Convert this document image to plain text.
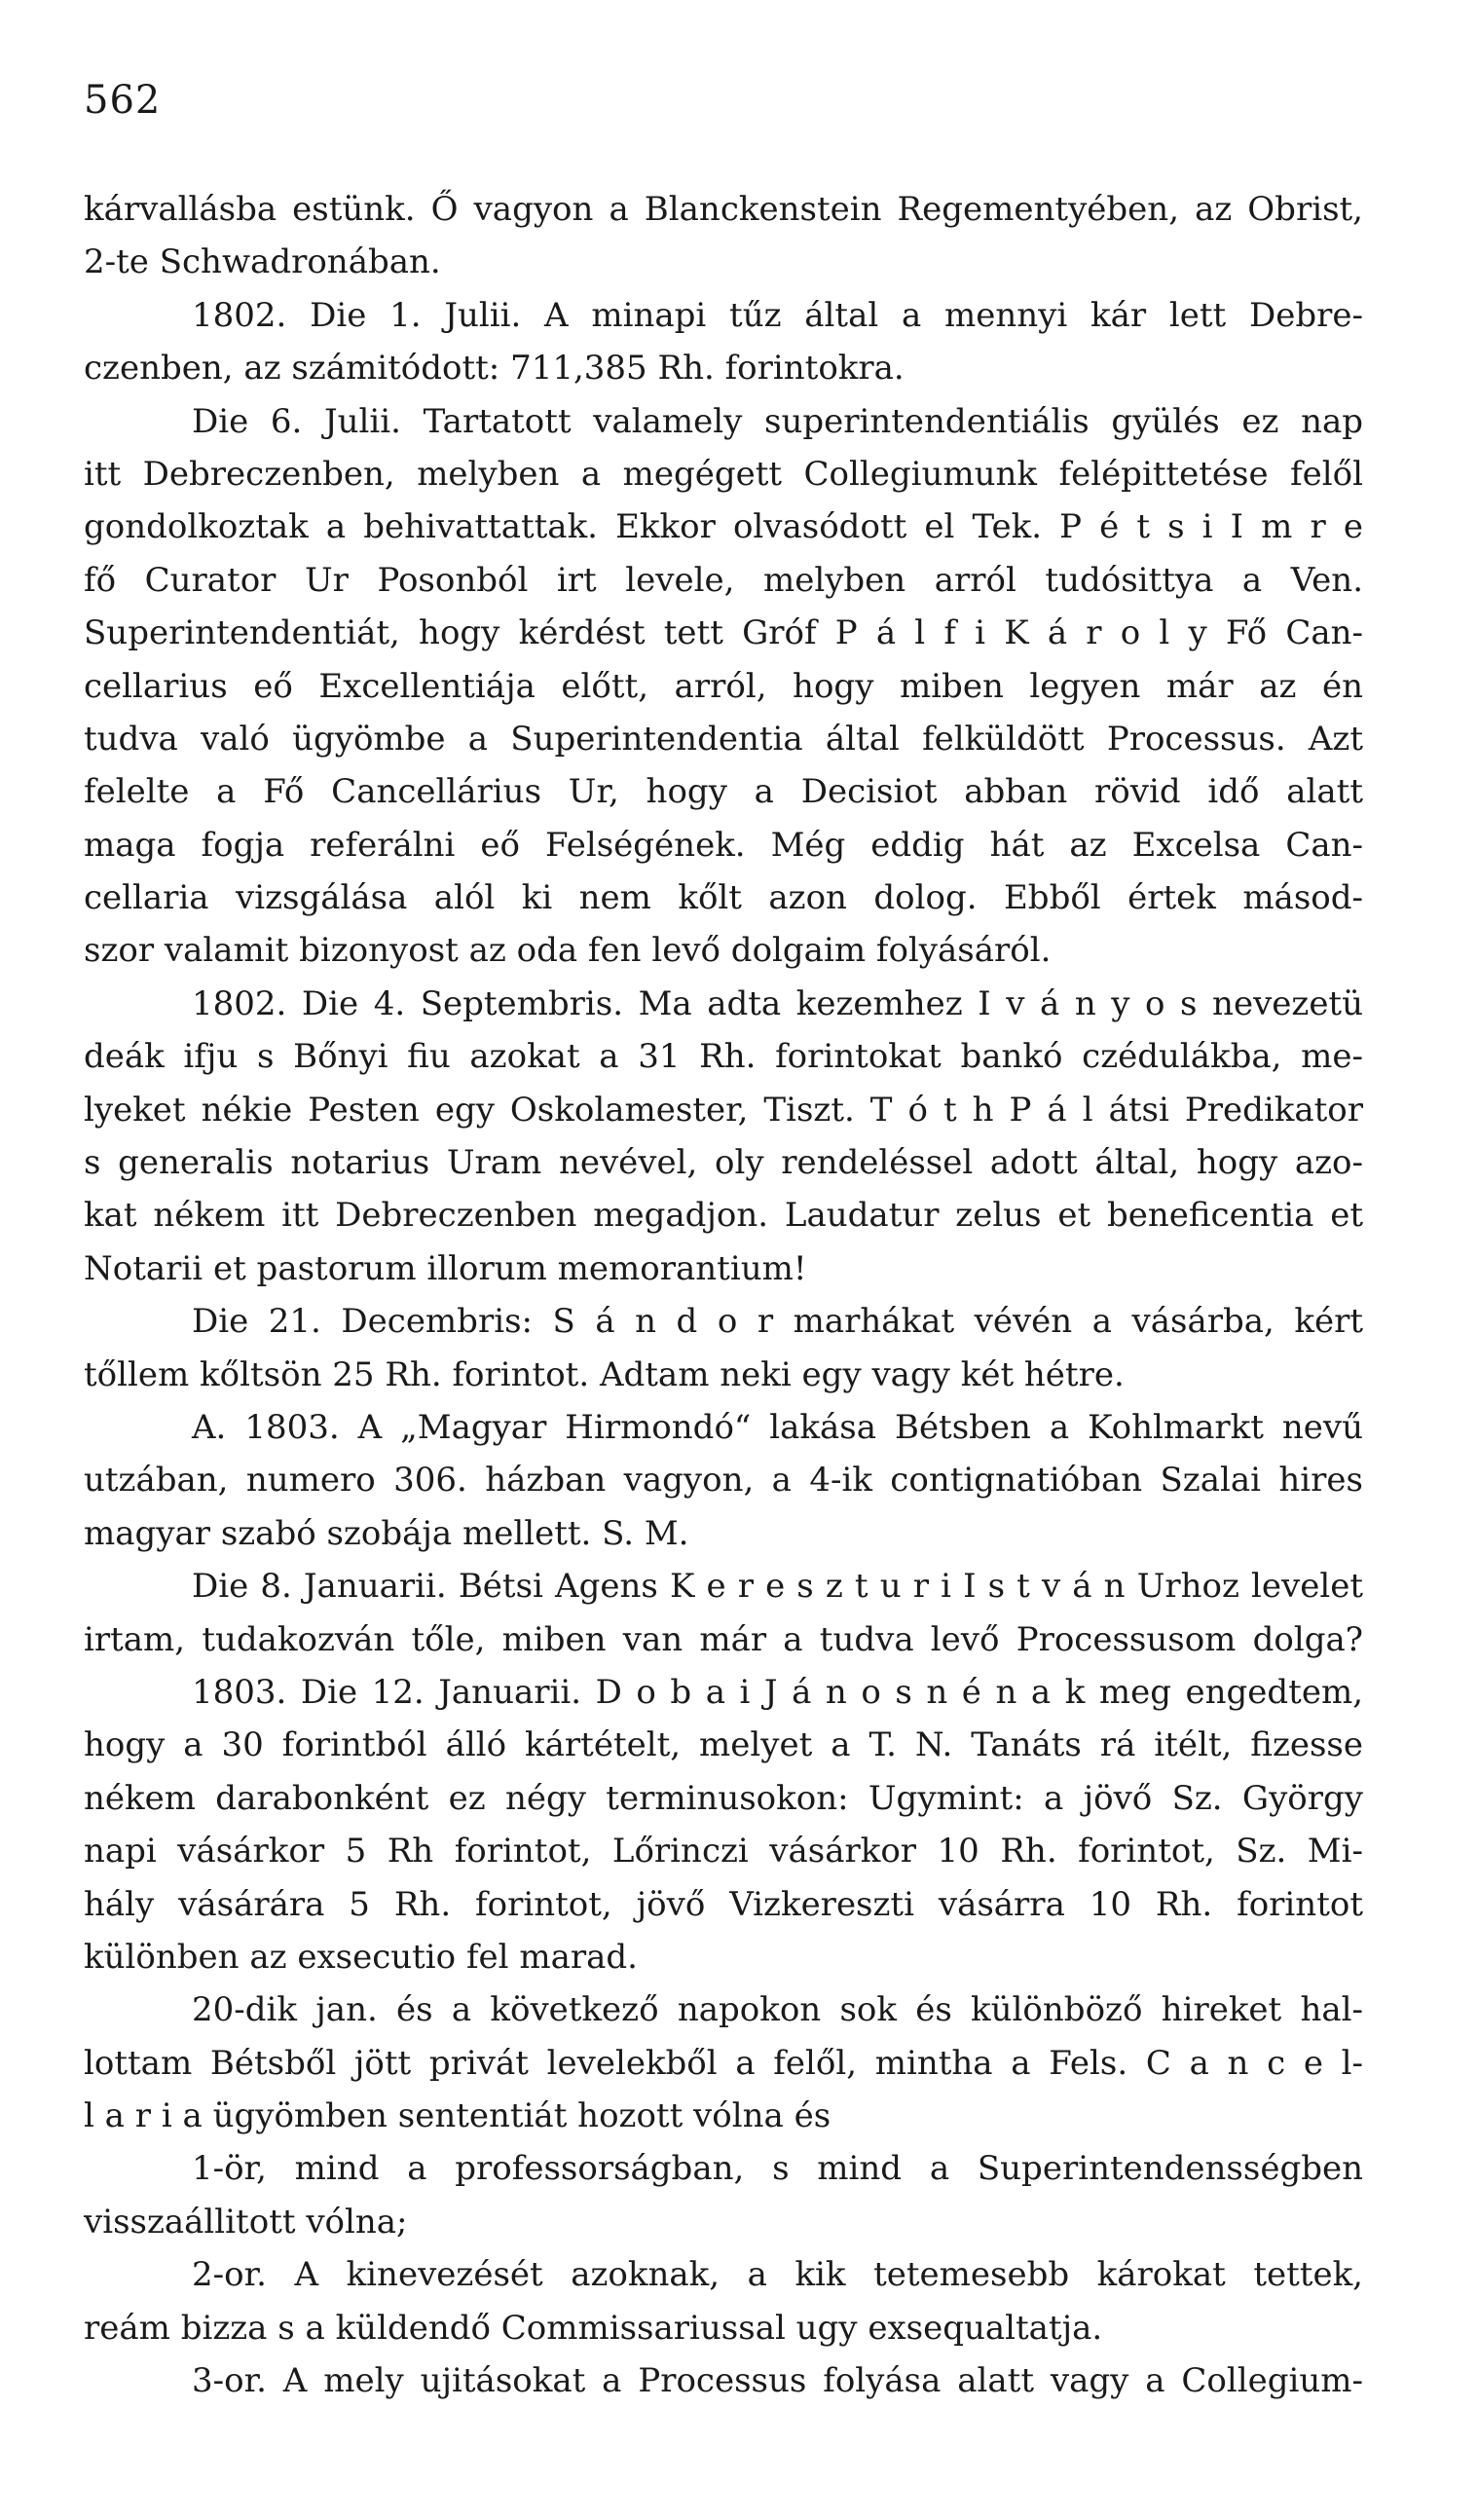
562
kárvallásba estünk. Ő vagyon a Blanckenstein Regementyében, az Obrist,
2-te Schwadronában.
1802. Die 1. Julii. A minapi tűz által a mennyi kár lett Debre-
czenben, az számitódott: 711,385 Rh. forintokra.
Die 6. Julii. Tartatott valamely superintendentiális gyülés ez nap
itt Debreczenben, melyben a megégett Collegiumunk felépittetése felől
gondolkoztak a behivattattak. Ekkor olvasódott el Tek. P é t s i I m r e
fő Curator Ur Posonból irt levele, melyben arról tudósittya a Ven.
Superintendentiát, hogy kérdést tett Gróf P á l f i K á r o l y Fő Can-
cellarius eő Excellentiája előtt, arról, hogy miben legyen már az én
tudva való ügyömbe a Superintendentia által felküldött Processus. Azt
felelte a Fő Cancellárius Ur, hogy a Decisiot abban rövid idő alatt
maga fogja referálni eő Felségének. Még eddig hát az Excelsa Can-
cellaria vizsgálása alól ki nem kőlt azon dolog. Ebből értek másod-
szor valamit bizonyost az oda fen levő dolgaim folyásáról.
1802. Die 4. Septembris. Ma adta kezemhez I v á n y o s nevezetü
deák ifju s Bőnyi fiu azokat a 31 Rh. forintokat bankó czédulákba, me-
lyeket nékie Pesten egy Oskolamester, Tiszt. T ó t h P á l átsi Predikator
s generalis notarius Uram nevével, oly rendeléssel adott által, hogy azo-
kat nékem itt Debreczenben megadjon. Laudatur zelus et beneficentia et
Notarii et pastorum illorum memorantium!
Die 21. Decembris: S á n d o r marhákat vévén a vásárba, kért
tőllem kőltsön 25 Rh. forintot. Adtam neki egy vagy két hétre.
A. 1803. A „Magyar Hirmondó“ lakása Bétsben a Kohlmarkt nevű
utzában, numero 306. házban vagyon, a 4-ik contignatióban Szalai hires
magyar szabó szobája mellett. S. M.
Die 8. Januarii. Bétsi Agens K e r e s z t u r i I s t v á n Urhoz levelet
irtam, tudakozván tőle, miben van már a tudva levő Processusom dolga?
1803. Die 12. Januarii. D o b a i J á n o s n é n a k meg engedtem,
hogy a 30 forintból álló kártételt, melyet a T. N. Tanáts rá itélt, fizesse
nékem darabonként ez négy terminusokon: Ugymint: a jövő Sz. György
napi vásárkor 5 Rh forintot, Lőrinczi vásárkor 10 Rh. forintot, Sz. Mi-
hály vásárára 5 Rh. forintot, jövő Vizkereszti vásárra 10 Rh. forintot
különben az exsecutio fel marad.
20-dik jan. és a következő napokon sok és különböző hireket hal-
lottam Bétsből jött privát levelekből a felől, mintha a Fels. C a n c e l-
l a r i a ügyömben sententiát hozott vólna és
1-ör, mind a professorságban, s mind a Superintendensségben
visszaállitott vólna;
2-or. A kinevezését azoknak, a kik tetemesebb károkat tettek,
reám bizza s a küldendő Commissariussal ugy exsequaltatja.
3-or. A mely ujitásokat a Processus folyása alatt vagy a Collegium-
